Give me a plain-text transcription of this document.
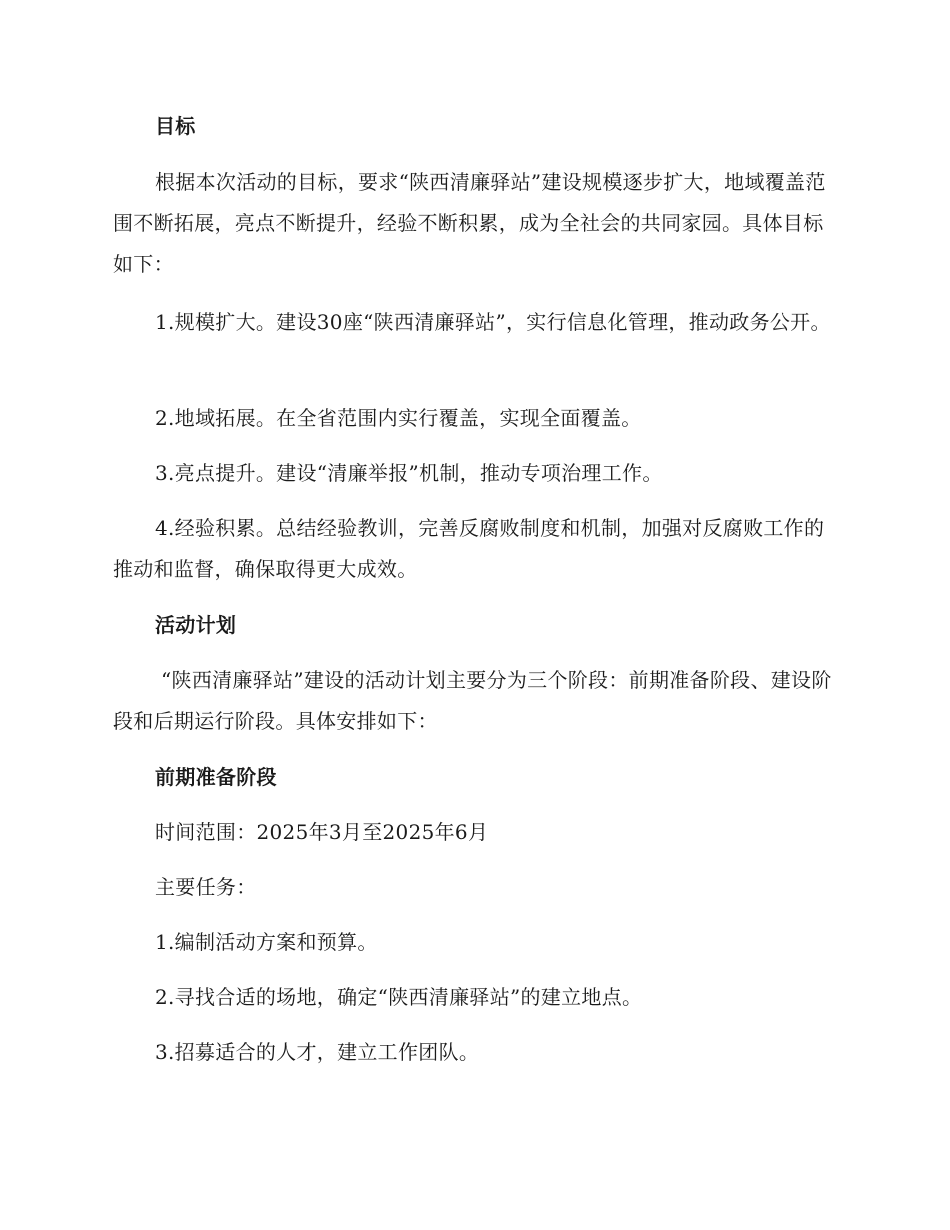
目标

根据本次活动的目标，要求“陕西清廉驿站”建设规模逐步扩大，地域覆盖范围不断拓展，亮点不断提升，经验不断积累，成为全社会的共同家园。具体目标如下：

1.规模扩大。建设30座“陕西清廉驿站”，实行信息化管理，推动政务公开。

2.地域拓展。在全省范围内实行覆盖，实现全面覆盖。

3.亮点提升。建设“清廉举报”机制，推动专项治理工作。

4.经验积累。总结经验教训，完善反腐败制度和机制，加强对反腐败工作的推动和监督，确保取得更大成效。

活动计划

“陕西清廉驿站”建设的活动计划主要分为三个阶段：前期准备阶段、建设阶段和后期运行阶段。具体安排如下：

前期准备阶段

时间范围：2025年3月至2025年6月

主要任务：

1.编制活动方案和预算。

2.寻找合适的场地，确定“陕西清廉驿站”的建立地点。

3.招募适合的人才，建立工作团队。
